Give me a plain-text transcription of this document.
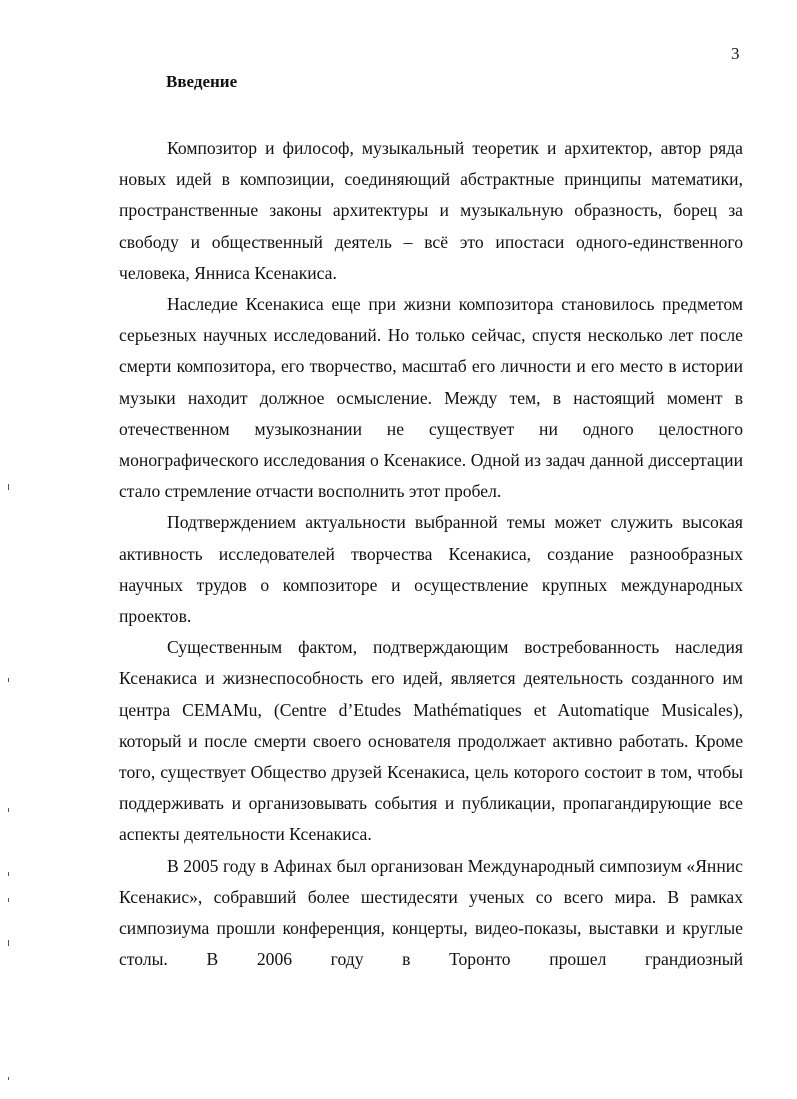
3
Введение

Композитор и философ, музыкальный теоретик и архитектор, автор ряда новых идей в композиции, соединяющий абстрактные принципы математики, пространственные законы архитектуры и музыкальную образность, борец за свободу и общественный деятель – всё это ипостаси одного-единственного человека, Янниса Ксенакиса.

Наследие Ксенакиса еще при жизни композитора становилось предметом серьезных научных исследований. Но только сейчас, спустя несколько лет после смерти композитора, его творчество, масштаб его личности и его место в истории музыки находит должное осмысление. Между тем, в настоящий момент в отечественном музыкознании не существует ни одного целостного монографического исследования о Ксенакисе. Одной из задач данной диссертации стало стремление отчасти восполнить этот пробел.

Подтверждением актуальности выбранной темы может служить высокая активность исследователей творчества Ксенакиса, создание разнообразных научных трудов о композиторе и осуществление крупных международных проектов.

Существенным фактом, подтверждающим востребованность наследия Ксенакиса и жизнеспособность его идей, является деятельность созданного им центра CEMAMu, (Centre d’Etudes Mathématiques et Automatique Musicales), который и после смерти своего основателя продолжает активно работать. Кроме того, существует Общество друзей Ксенакиса, цель которого состоит в том, чтобы поддерживать и организовывать события и публикации, пропагандирующие все аспекты деятельности Ксенакиса.

В 2005 году в Афинах был организован Международный симпозиум «Яннис Ксенакис», собравший более шестидесяти ученых со всего мира. В рамках симпозиума прошли конференция, концерты, видео-показы, выставки и круглые столы. В 2006 году в Торонто прошел грандиозный
